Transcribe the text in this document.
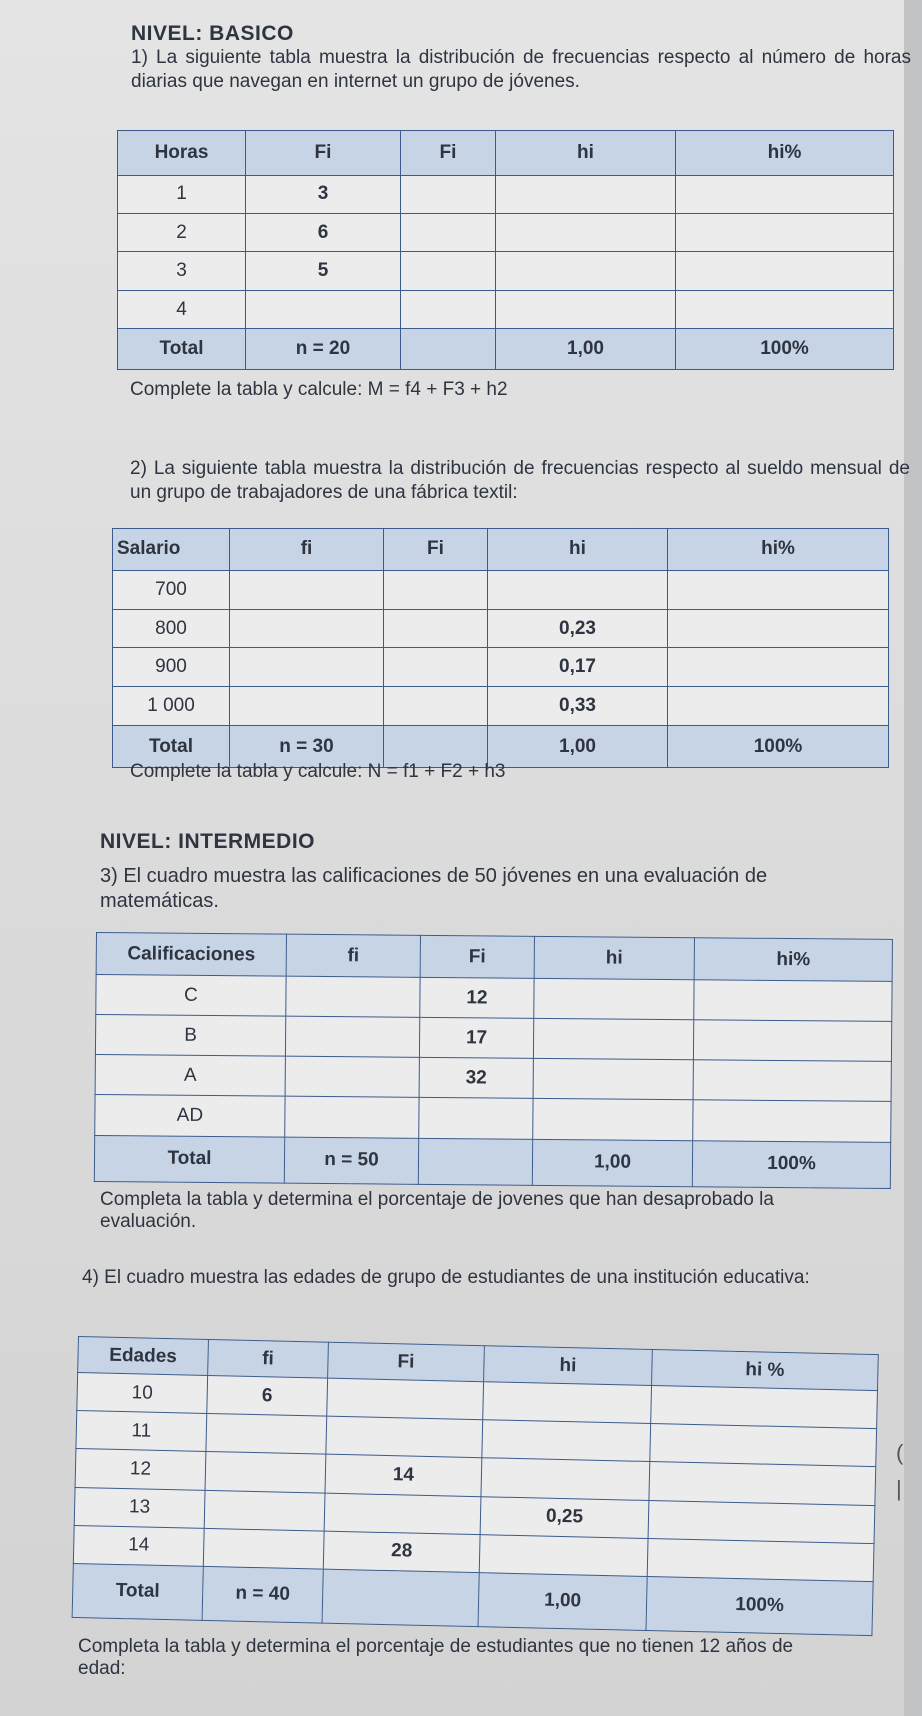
NIVEL: BASICO

1) La siguiente tabla muestra la distribución de frecuencias respecto al número de horas diarias que navegan en internet un grupo de jóvenes.

Horas	Fi	Fi	hi	hi%
1	3			
2	6			
3	5			
4				
Total	n = 20		1,00	100%

Complete la tabla y calcule: M = f4 + F3 + h2

2) La siguiente tabla muestra la distribución de frecuencias respecto al sueldo mensual de un grupo de trabajadores de una fábrica textil:

Salario	fi	Fi	hi	hi%
700				
800			0,23	
900			0,17	
1 000			0,33	
Total	n = 30		1,00	100%

Complete la tabla y calcule: N = f1 + F2 + h3

NIVEL: INTERMEDIO

3) El cuadro muestra las calificaciones de 50 jóvenes en una evaluación de matemáticas.

Calificaciones	fi	Fi	hi	hi%
C		12		
B		17		
A		32		
AD				
Total	n = 50		1,00	100%

Completa la tabla y determina el porcentaje de jovenes que han desaprobado la evaluación.

4) El cuadro muestra las edades de grupo de estudiantes de una institución educativa:

Edades	fi	Fi	hi	hi %
10	6			
11				
12		14		
13			0,25	
14		28		
Total	n = 40		1,00	100%

Completa la tabla y determina el porcentaje de estudiantes que no tienen 12 años de edad:

(
|
